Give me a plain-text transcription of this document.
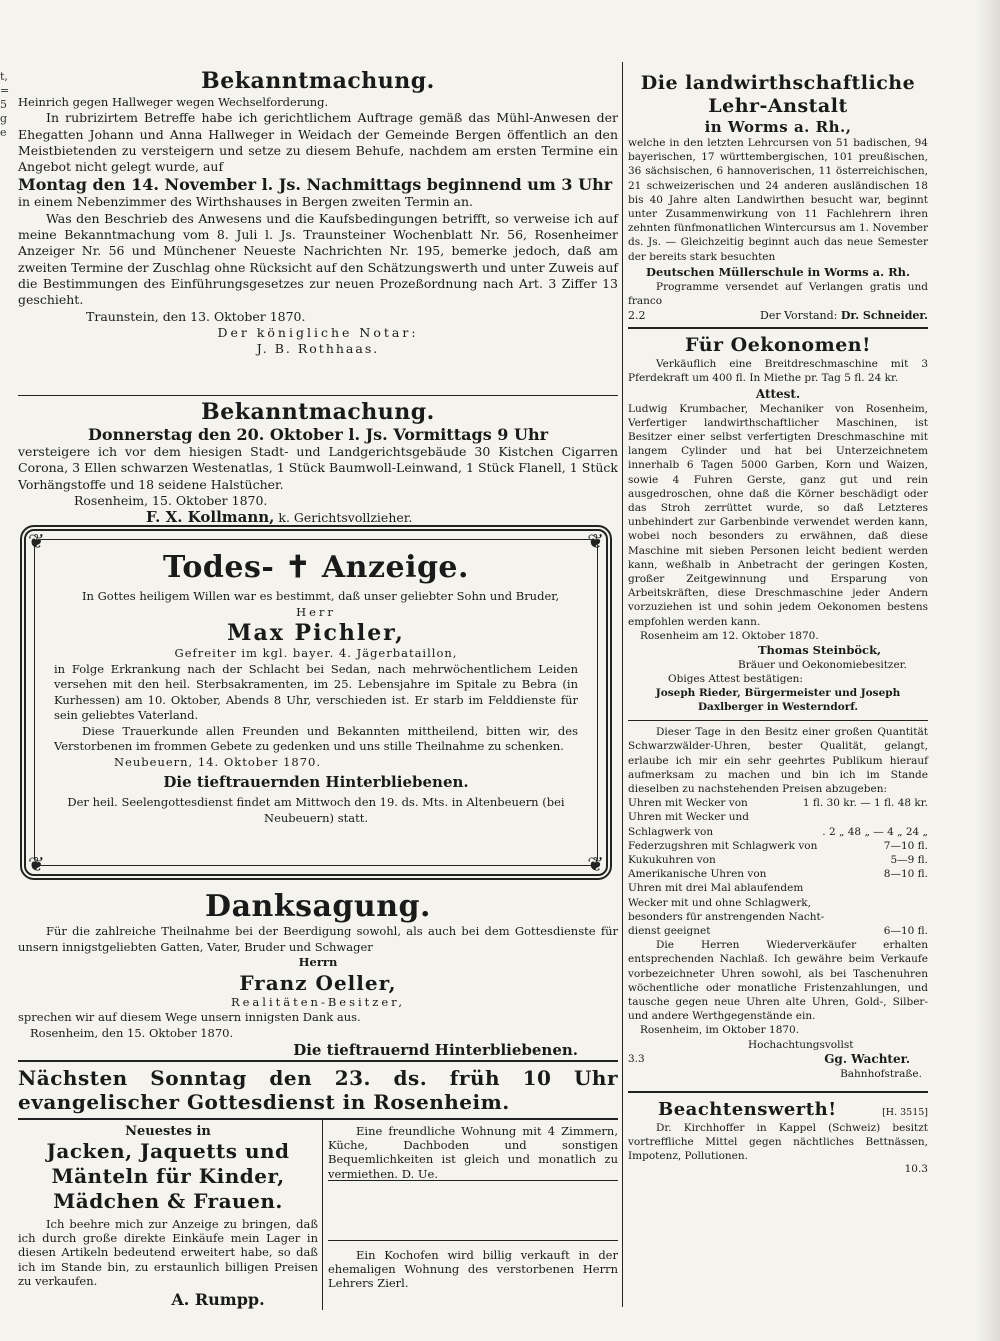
t,
=
5
g
e
Bekanntmachung.
Heinrich gegen Hallweger wegen Wechselforderung.
In rubrizirtem Betreffe habe ich gerichtlichem Auftrage gemäß das Mühl-Anwesen der Ehegatten Johann und Anna Hallweger in Weidach der Gemeinde Bergen öffentlich an den Meistbietenden zu versteigern und setze zu diesem Behufe, nachdem am ersten Termine ein Angebot nicht gelegt wurde, auf
Montag den 14. November l. Js. Nachmittags beginnend um 3 Uhr
in einem Nebenzimmer des Wirthshauses in Bergen zweiten Termin an.
Was den Beschrieb des Anwesens und die Kaufsbedingungen betrifft, so verweise ich auf meine Bekanntmachung vom 8. Juli l. Js. Traunsteiner Wochenblatt Nr. 56, Rosenheimer Anzeiger Nr. 56 und Münchener Neueste Nachrichten Nr. 195, bemerke jedoch, daß am zweiten Termine der Zuschlag ohne Rücksicht auf den Schätzungswerth und unter Zuweis auf die Bestimmungen des Einführungsgesetzes zur neuen Prozeßordnung nach Art. 3 Ziffer 13 geschieht.
Traunstein, den 13. Oktober 1870.
Der königliche Notar:
J. B. Rothhaas.
Bekanntmachung.
Donnerstag den 20. Oktober l. Js. Vormittags 9 Uhr
versteigere ich vor dem hiesigen Stadt- und Landgerichtsgebäude 30 Kistchen Cigarren Corona, 3 Ellen schwarzen Westenatlas, 1 Stück Baumwoll-Leinwand, 1 Stück Flanell, 1 Stück Vorhängstoffe und 18 seidene Halstücher.
Rosenheim, 15. Oktober 1870.
F. X. Kollmann, k. Gerichtsvollzieher.
❦	❦
❦	❦
Todes- ✝ Anzeige.
In Gottes heiligem Willen war es bestimmt, daß unser geliebter Sohn und Bruder,
Herr
Max Pichler,
Gefreiter im kgl. bayer. 4. Jägerbataillon,
in Folge Erkrankung nach der Schlacht bei Sedan, nach mehrwöchentlichem Leiden versehen mit den heil. Sterbsakramenten, im 25. Lebensjahre im Spitale zu Bebra (in Kurhessen) am 10. Oktober, Abends 8 Uhr, verschieden ist. Er starb im Felddienste für sein geliebtes Vaterland.
Diese Trauerkunde allen Freunden und Bekannten mittheilend, bitten wir, des Verstorbenen im frommen Gebete zu gedenken und uns stille Theilnahme zu schenken.
Neubeuern, 14. Oktober 1870.
Die tieftrauernden Hinterbliebenen.
Der heil. Seelengottesdienst findet am Mittwoch den 19. ds. Mts. in Altenbeuern (bei Neubeuern) statt.
Danksagung.
Für die zahlreiche Theilnahme bei der Beerdigung sowohl, als auch bei dem Gottesdienste für unsern innigstgeliebten Gatten, Vater, Bruder und Schwager
Herrn
Franz Oeller,
Realitäten-Besitzer,
sprechen wir auf diesem Wege unsern innigsten Dank aus.
Rosenheim, den 15. Oktober 1870.
Die tieftrauernd Hinterbliebenen.
Nächsten Sonntag den 23. ds. früh 10 Uhr evangelischer Gottesdienst in Rosenheim.
Neuestes in
Jacken, Jaquetts und Mänteln für Kinder, Mädchen & Frauen.
Ich beehre mich zur Anzeige zu bringen, daß ich durch große direkte Einkäufe mein Lager in diesen Artikeln bedeutend erweitert habe, so daß ich im Stande bin, zu erstaunlich billigen Preisen zu verkaufen.
A. Rumpp.
Eine freundliche Wohnung mit 4 Zimmern, Küche, Dachboden und sonstigen Bequemlichkeiten ist gleich und monatlich zu vermiethen. D. Ue.
Ein Kochofen wird billig verkauft in der ehemaligen Wohnung des verstorbenen Herrn Lehrers Zierl.
Die landwirthschaftliche Lehr-Anstalt
in Worms a. Rh.,
welche in den letzten Lehrcursen von 51 badischen, 94 bayerischen, 17 württembergischen, 101 preußischen, 36 sächsischen, 6 hannoverischen, 11 österreichischen, 21 schweizerischen und 24 anderen ausländischen 18 bis 40 Jahre alten Landwirthen besucht war, beginnt unter Zusammenwirkung von 11 Fachlehrern ihren zehnten fünfmonatlichen Wintercursus am 1. November ds. Js. — Gleichzeitig beginnt auch das neue Semester der bereits stark besuchten
Deutschen Müllerschule in Worms a. Rh.
Programme versendet auf Verlangen gratis und franco
2.2	Der Vorstand: Dr. Schneider.
Für Oekonomen!
Verkäuflich eine Breitdreschmaschine mit 3 Pferdekraft um 400 fl. In Miethe pr. Tag 5 fl. 24 kr.
Attest.
Ludwig Krumbacher, Mechaniker von Rosenheim, Verfertiger landwirthschaftlicher Maschinen, ist Besitzer einer selbst verfertigten Dreschmaschine mit langem Cylinder und hat bei Unterzeichnetem innerhalb 6 Tagen 5000 Garben, Korn und Waizen, sowie 4 Fuhren Gerste, ganz gut und rein ausgedroschen, ohne daß die Körner beschädigt oder das Stroh zerrüttet wurde, so daß Letzteres unbehindert zur Garbenbinde verwendet werden kann, wobei noch besonders zu erwähnen, daß diese Maschine mit sieben Personen leicht bedient werden kann, weßhalb in Anbetracht der geringen Kosten, großer Zeitgewinnung und Ersparung von Arbeitskräften, diese Dreschmaschine jeder Andern vorzuziehen ist und sohin jedem Oekonomen bestens empfohlen werden kann.
Rosenheim am 12. Oktober 1870.
Thomas Steinböck,
Bräuer und Oekonomiebesitzer.
Obiges Attest bestätigen:
Joseph Rieder, Bürgermeister und Joseph Daxlberger in Westerndorf.
Dieser Tage in den Besitz einer großen Quantität Schwarzwälder-Uhren, bester Qualität, gelangt, erlaube ich mir ein sehr geehrtes Publikum hierauf aufmerksam zu machen und bin ich im Stande dieselben zu nachstehenden Preisen abzugeben:
Uhren mit Wecker von	1 fl. 30 kr. — 1 fl. 48 kr.
Uhren mit Wecker und
Schlagwerk von	. 2 „ 48 „ — 4 „ 24 „
Federzugshren mit Schlagwerk von	7—10 fl.
Kukukuhren von	5—9 fl.
Amerikanische Uhren von	8—10 fl.
Uhren mit drei Mal ablaufendem
Wecker mit und ohne Schlagwerk,
besonders für anstrengenden Nacht-
dienst geeignet	6—10 fl.
Die Herren Wiederverkäufer erhalten entsprechenden Nachlaß. Ich gewähre beim Verkaufe vorbezeichneter Uhren sowohl, als bei Taschenuhren wöchentliche oder monatliche Fristenzahlungen, und tausche gegen neue Uhren alte Uhren, Gold-, Silber- und andere Werthgegenstände ein.
Rosenheim, im Oktober 1870.
Hochachtungsvollst
3.3	Gg. Wachter.
Bahnhofstraße.
Beachtenswerth!	[H. 3515]
Dr. Kirchhoffer in Kappel (Schweiz) besitzt vortreffliche Mittel gegen nächtliches Bettnässen, Impotenz, Pollutionen.
10.3
